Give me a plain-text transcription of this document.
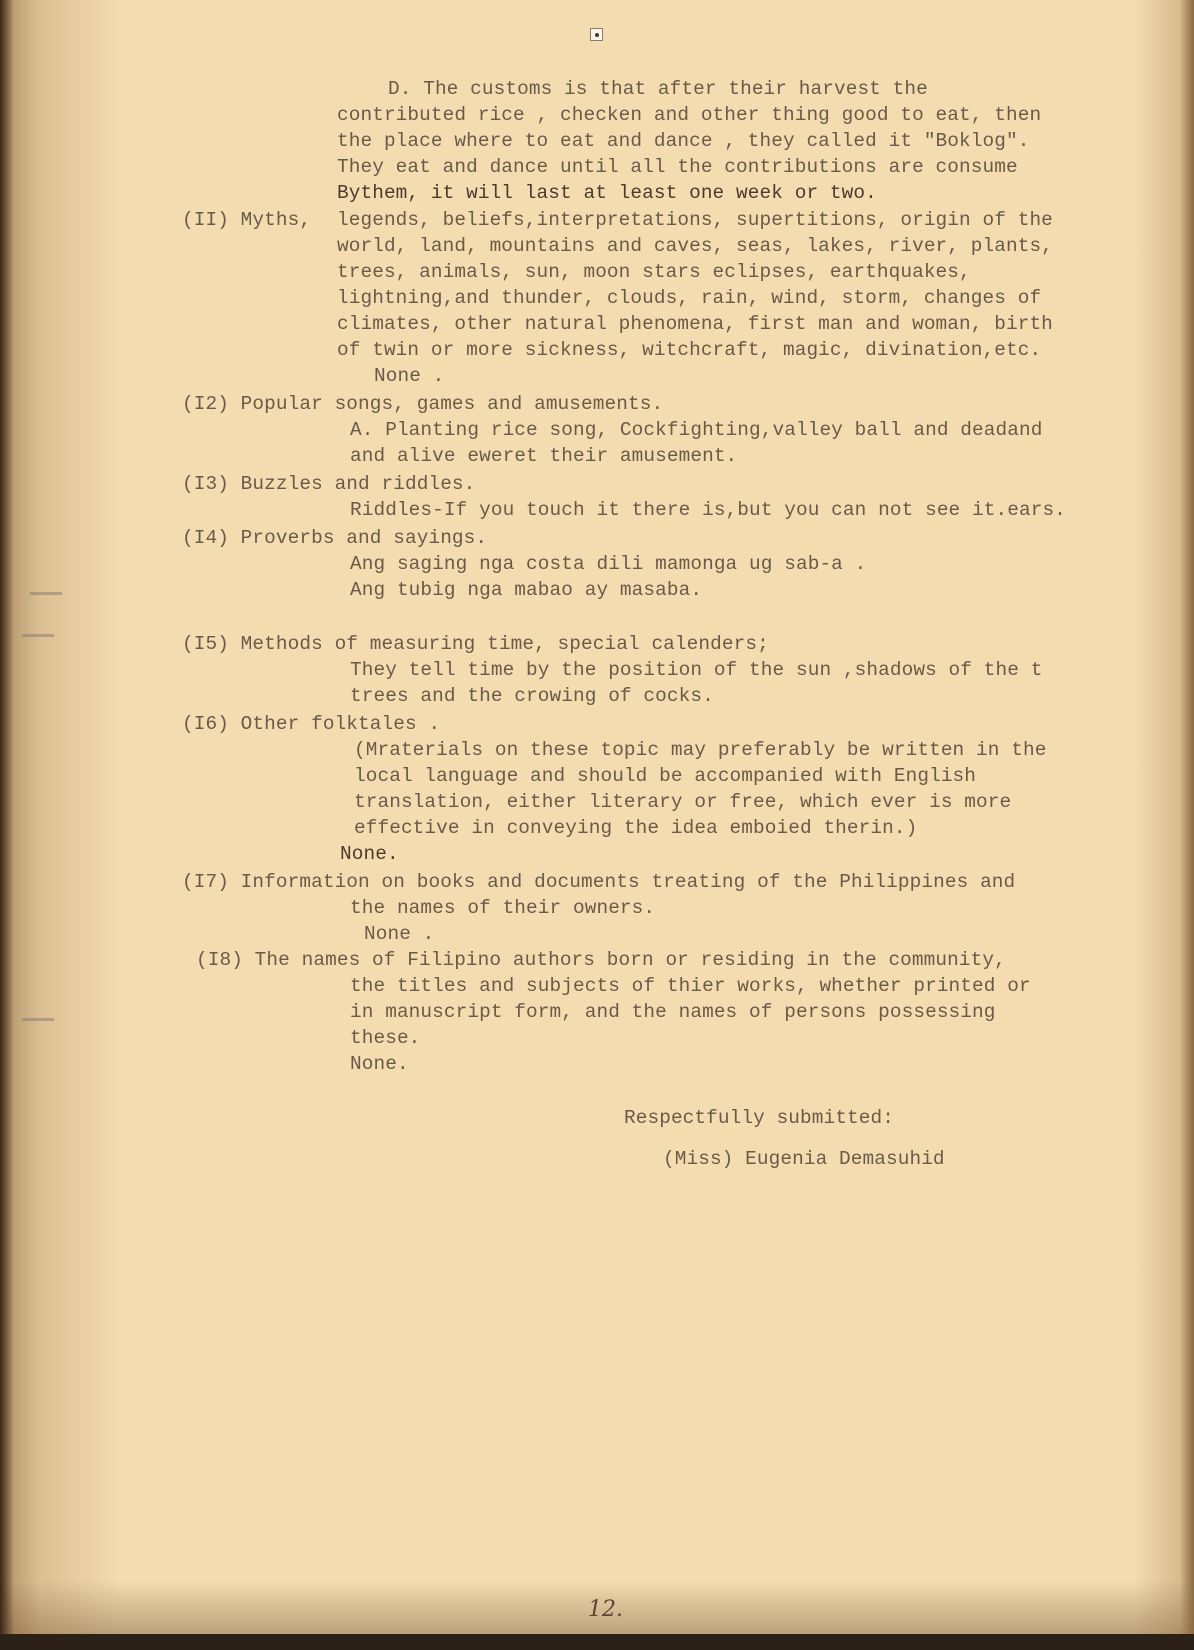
D. The customs is that after their harvest the

contributed rice , checken and other thing good to eat, then

the place where to eat and dance , they called it "Boklog".

They eat and dance until all the contributions are consume

Bythem, it will last at least one week or two.

(II) Myths, legends, beliefs,interpretations, supertitions, origin of the

world, land, mountains and caves, seas, lakes, river, plants,

trees, animals, sun, moon stars eclipses, earthquakes,

lightning,and thunder, clouds, rain, wind, storm, changes of

climates, other natural phenomena, first man and woman, birth

of twin or more sickness, witchcraft, magic, divination,etc.

None .

(I2) Popular songs, games and amusements.

A. Planting rice song, Cockfighting,valley ball and deadand

and alive eweret their amusement.

(I3) Buzzles and riddles.

Riddles-If you touch it there is,but you can not see it.ears.

(I4) Proverbs and sayings.

Ang saging nga costa dili mamonga ug sab-a .

Ang tubig nga mabao ay masaba.

(I5) Methods of measuring time, special calenders;

They tell time by the position of the sun ,shadows of the t

trees and the crowing of cocks.

(I6) Other folktales .

(Mraterials on these topic may preferably be written in the

local language and should be accompanied with English

translation, either literary or free, which ever is more

effective in conveying the idea emboied therin.)

None.

(I7) Information on books and documents treating of the Philippines and

the names of their owners.

None .

(I8) The names of Filipino authors born or residing in the community,

the titles and subjects of thier works, whether printed or

in manuscript form, and the names of persons possessing

these.

None.

Respectfully submitted:

(Miss) Eugenia Demasuhid

12.
